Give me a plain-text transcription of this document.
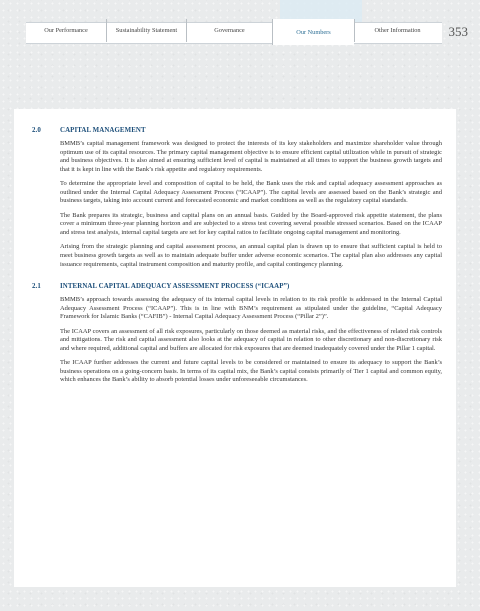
Our Performance	Sustainability Statement	Governance	Our Numbers	Other Information	353
2.0	CAPITAL MANAGEMENT

BMMB’s capital management framework was designed to protect the interests of its key stakeholders and maximize shareholder value through optimum use of its capital resources. The primary capital management objective is to ensure efficient capital utilization while in pursuit of strategic and business objectives. It is also aimed at ensuring sufficient level of capital is maintained at all times to support the business growth targets and that it is kept in line with the Bank’s risk appetite and regulatory requirements.

To determine the appropriate level and composition of capital to be held, the Bank uses the risk and capital adequacy assessment approaches as outlined under the Internal Capital Adequacy Assessment Process (“ICAAP”). The capital levels are assessed based on the Bank’s strategic and business targets, taking into account current and forecasted economic and market conditions as well as the regulatory capital standards.

The Bank prepares its strategic, business and capital plans on an annual basis. Guided by the Board-approved risk appetite statement, the plans cover a minimum three-year planning horizon and are subjected to a stress test covering several possible stressed scenarios. Based on the ICAAP and stress test analysis, internal capital targets are set for key capital ratios to facilitate ongoing capital management and monitoring.

Arising from the strategic planning and capital assessment process, an annual capital plan is drawn up to ensure that sufficient capital is held to meet business growth targets as well as to maintain adequate buffer under adverse economic scenarios. The capital plan also addresses any capital issuance requirements, capital instrument composition and maturity profile, and capital contingency planning.

2.1	INTERNAL CAPITAL ADEQUACY ASSESSMENT PROCESS (“ICAAP”)

BMMB’s approach towards assessing the adequacy of its internal capital levels in relation to its risk profile is addressed in the Internal Capital Adequacy Assessment Process (“ICAAP”). This is in line with BNM’s requirement as stipulated under the guideline, “Capital Adequacy Framework for Islamic Banks (“CAFIB”) - Internal Capital Adequacy Assessment Process (“Pillar 2”)”.

The ICAAP covers an assessment of all risk exposures, particularly on those deemed as material risks, and the effectiveness of related risk controls and mitigations. The risk and capital assessment also looks at the adequacy of capital in relation to other discretionary and non-discretionary risk and where required, additional capital and buffers are allocated for risk exposures that are deemed inadequately covered under the Pillar 1 capital.

The ICAAP further addresses the current and future capital levels to be considered or maintained to ensure its adequacy to support the Bank’s business operations on a going-concern basis. In terms of its capital mix, the Bank’s capital consists primarily of Tier 1 capital and common equity, which enhances the Bank’s ability to absorb potential losses under unforeseeable circumstances.
